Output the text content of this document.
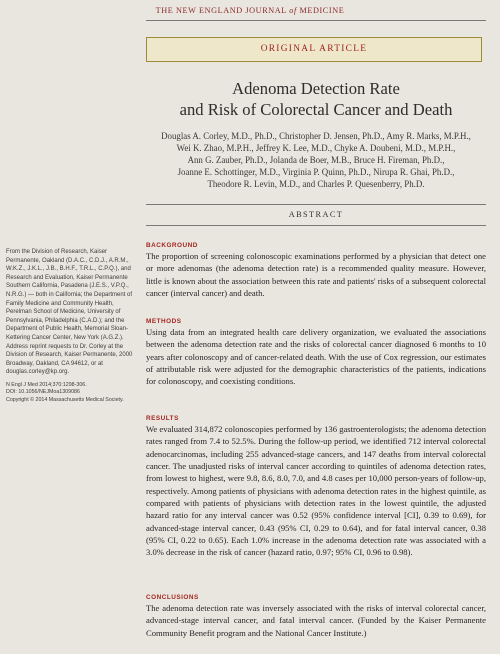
THE NEW ENGLAND JOURNAL of MEDICINE
ORIGINAL ARTICLE
Adenoma Detection Rate
and Risk of Colorectal Cancer and Death
Douglas A. Corley, M.D., Ph.D., Christopher D. Jensen, Ph.D., Amy R. Marks, M.P.H.,
Wei K. Zhao, M.P.H., Jeffrey K. Lee, M.D., Chyke A. Doubeni, M.D., M.P.H.,
Ann G. Zauber, Ph.D., Jolanda de Boer, M.B., Bruce H. Fireman, Ph.D.,
Joanne E. Schottinger, M.D., Virginia P. Quinn, Ph.D., Nirupa R. Ghai, Ph.D.,
Theodore R. Levin, M.D., and Charles P. Quesenberry, Ph.D.
ABSTRACT

From the Division of Research, Kaiser Permanente, Oakland (D.A.C., C.D.J., A.R.M., W.K.Z., J.K.L., J.B., B.H.F., T.R.L., C.P.Q.), and Research and Evaluation, Kaiser Permanente Southern California, Pasadena (J.E.S., V.P.Q., N.R.G.) — both in California; the Department of Family Medicine and Community Health, Perelman School of Medicine, University of Pennsylvania, Philadelphia (C.A.D.); and the Department of Public Health, Memorial Sloan-Kettering Cancer Center, New York (A.G.Z.). Address reprint requests to Dr. Corley at the Division of Research, Kaiser Permanente, 2000 Broadway, Oakland, CA 94612, or at douglas.corley@kp.org.

N Engl J Med 2014;370:1298-306.
DOI: 10.1056/NEJMoa1309086
Copyright © 2014 Massachusetts Medical Society.
BACKGROUND
The proportion of screening colonoscopic examinations performed by a physician that detect one or more adenomas (the adenoma detection rate) is a recommended quality measure. However, little is known about the association between this rate and patients' risks of a subsequent colorectal cancer (interval cancer) and death.
METHODS
Using data from an integrated health care delivery organization, we evaluated the associations between the adenoma detection rate and the risks of colorectal cancer diagnosed 6 months to 10 years after colonoscopy and of cancer-related death. With the use of Cox regression, our estimates of attributable risk were adjusted for the demographic characteristics of the patients, indications for colonoscopy, and coexisting conditions.
RESULTS
We evaluated 314,872 colonoscopies performed by 136 gastroenterologists; the adenoma detection rates ranged from 7.4 to 52.5%. During the follow-up period, we identified 712 interval colorectal adenocarcinomas, including 255 advanced-stage cancers, and 147 deaths from interval colorectal cancer. The unadjusted risks of interval cancer according to quintiles of adenoma detection rates, from lowest to highest, were 9.8, 8.6, 8.0, 7.0, and 4.8 cases per 10,000 person-years of follow-up, respectively. Among patients of physicians with adenoma detection rates in the highest quintile, as compared with patients of physicians with detection rates in the lowest quintile, the adjusted hazard ratio for any interval cancer was 0.52 (95% confidence interval [CI], 0.39 to 0.69), for advanced-stage interval cancer, 0.43 (95% CI, 0.29 to 0.64), and for fatal interval cancer, 0.38 (95% CI, 0.22 to 0.65). Each 1.0% increase in the adenoma detection rate was associated with a 3.0% decrease in the risk of cancer (hazard ratio, 0.97; 95% CI, 0.96 to 0.98).
CONCLUSIONS
The adenoma detection rate was inversely associated with the risks of interval colorectal cancer, advanced-stage interval cancer, and fatal interval cancer. (Funded by the Kaiser Permanente Community Benefit program and the National Cancer Institute.)
